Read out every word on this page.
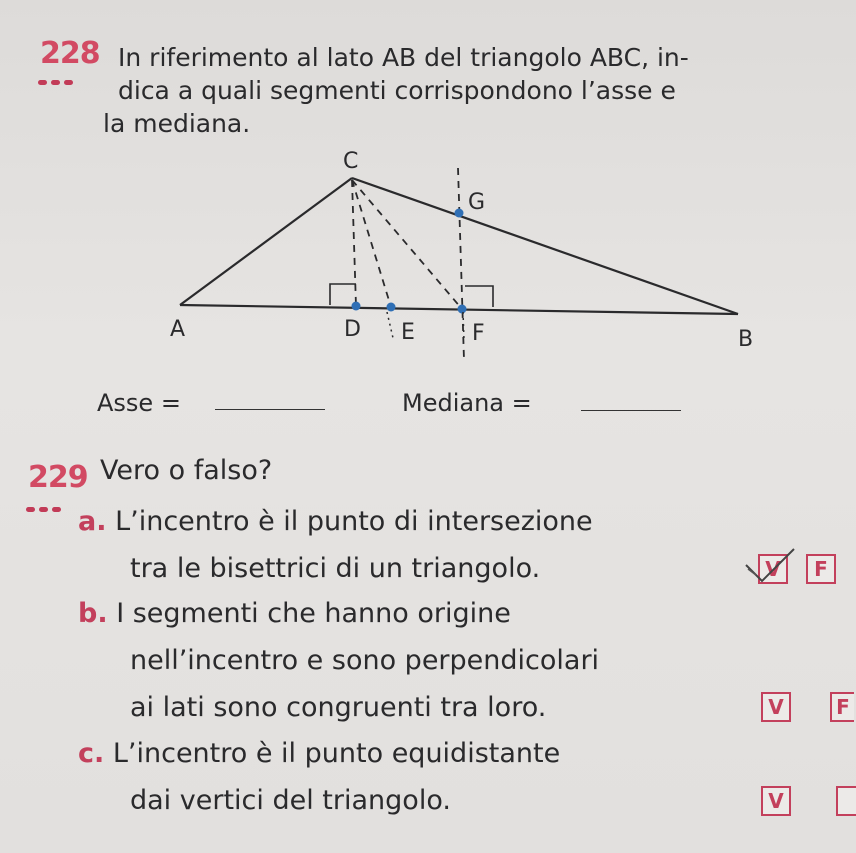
228 In riferimento al lato AB del triangolo ABC, in-
dica a quali segmenti corrispondono l’asse e
la mediana.
C
G
A	D E	F	B
Asse =	Mediana =
229 Vero o falso?
a. L’incentro è il punto di intersezione
tra le bisettrici di un triangolo.	V	F
b. I segmenti che hanno origine
nell’incentro e sono perpendicolari
ai lati sono congruenti tra loro.	V	F
c. L’incentro è il punto equidistante
dai vertici del triangolo.	V
